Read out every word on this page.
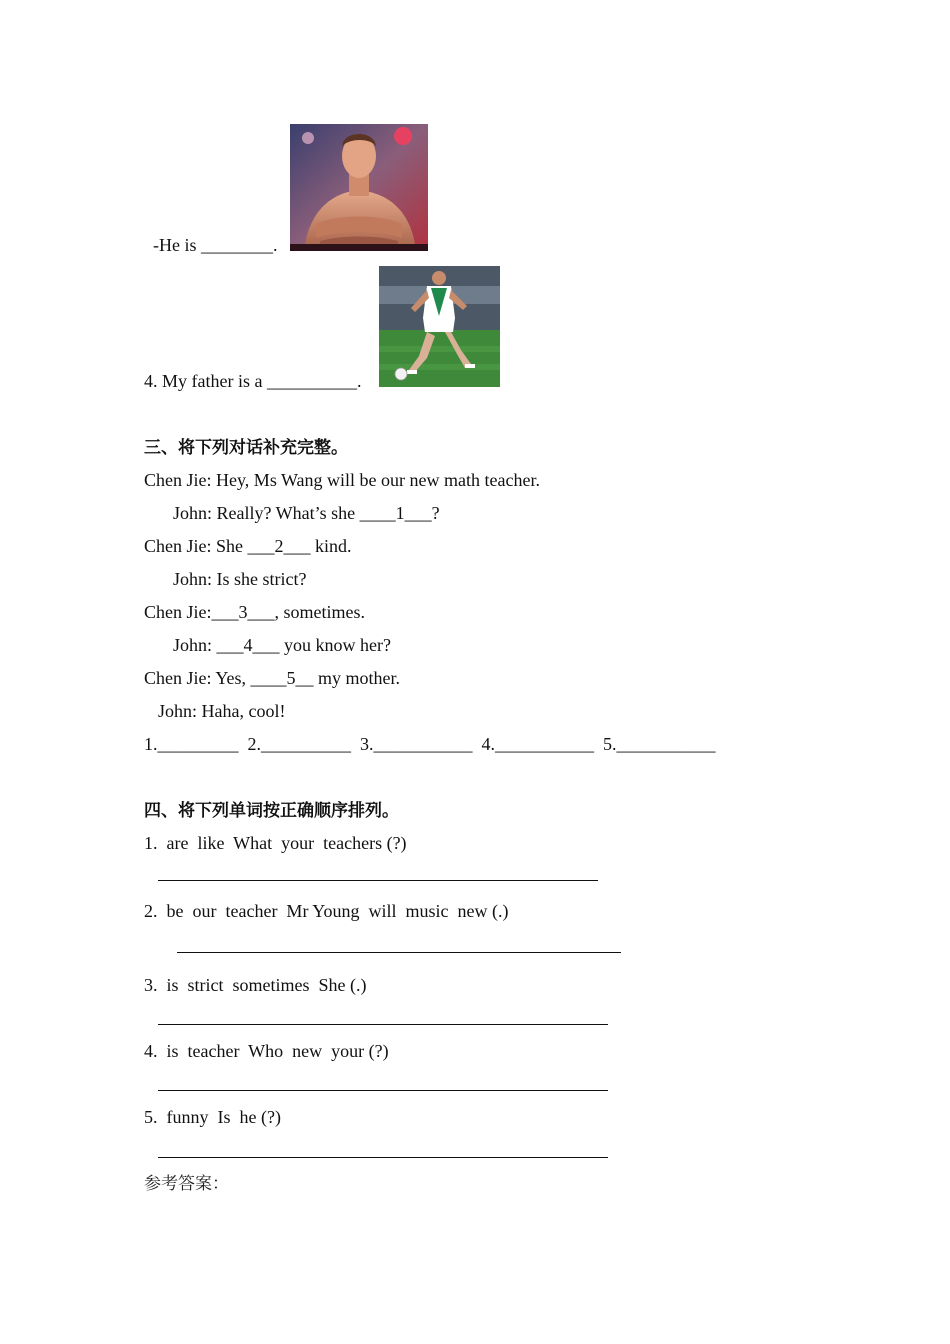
-He is ________.
4. My father is a __________.
三、将下列对话补充完整。
Chen Jie: Hey, Ms Wang will be our new math teacher.
John: Really? What’s she ____1___?
Chen Jie: She ___2___ kind.
John: Is she strict?
Chen Jie:___3___, sometimes.
John: ___4___ you know her?
Chen Jie: Yes, ____5__ my mother.
John: Haha, cool!
1._________  2.__________  3.___________  4.___________  5.___________
四、将下列单词按正确顺序排列。
1.  are  like  What  your  teachers (?)
2.  be  our  teacher  Mr Young  will  music  new (.)
3.  is  strict  sometimes  She (.)
4.  is  teacher  Who  new  your (?)
5.  funny  Is  he (?)
参考答案：
